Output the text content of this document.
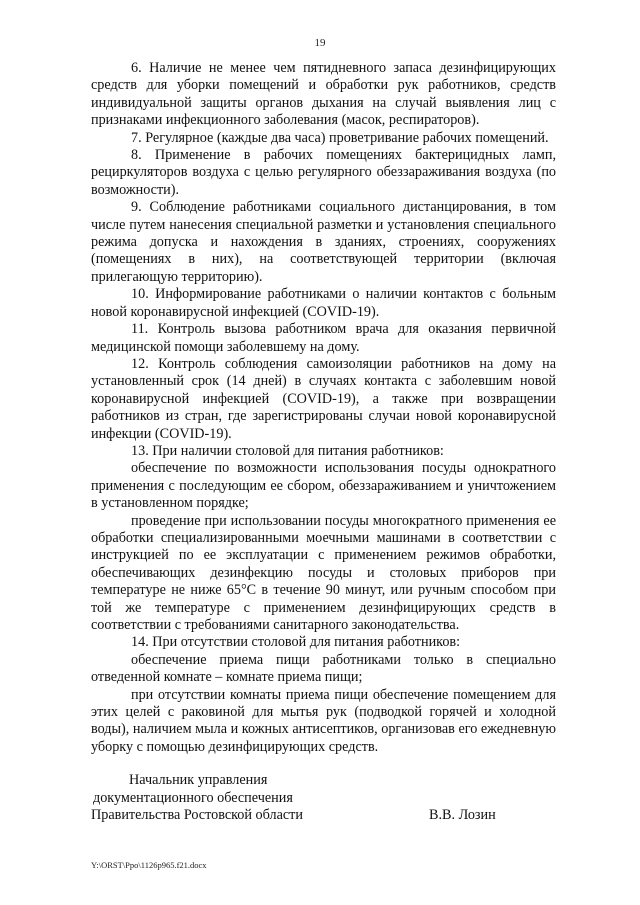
19

6. Наличие не менее чем пятидневного запаса дезинфицирующих средств для уборки помещений и обработки рук работников, средств индивидуальной защиты органов дыхания на случай выявления лиц с признаками инфекционного заболевания (масок, респираторов).

7. Регулярное (каждые два часа) проветривание рабочих помещений.

8. Применение в рабочих помещениях бактерицидных ламп, рециркуляторов воздуха с целью регулярного обеззараживания воздуха (по возможности).

9. Соблюдение работниками социального дистанцирования, в том числе путем нанесения специальной разметки и установления специального режима допуска и нахождения в зданиях, строениях, сооружениях (помещениях в них), на соответствующей территории (включая прилегающую территорию).

10. Информирование работниками о наличии контактов с больным новой коронавирусной инфекцией (COVID-19).

11. Контроль вызова работником врача для оказания первичной медицинской помощи заболевшему на дому.

12. Контроль соблюдения самоизоляции работников на дому на установленный срок (14 дней) в случаях контакта с заболевшим новой коронавирусной инфекцией (COVID-19), а также при возвращении работников из стран, где зарегистрированы случаи новой коронавирусной инфекции (COVID-19).

13. При наличии столовой для питания работников:

обеспечение по возможности использования посуды однократного применения с последующим ее сбором, обеззараживанием и уничтожением в установленном порядке;

проведение при использовании посуды многократного применения ее обработки специализированными моечными машинами в соответствии с инструкцией по ее эксплуатации с применением режимов обработки, обеспечивающих дезинфекцию посуды и столовых приборов при температуре не ниже 65°С в течение 90 минут, или ручным способом при той же температуре с применением дезинфицирующих средств в соответствии с требованиями санитарного законодательства.

14. При отсутствии столовой для питания работников:

обеспечение приема пищи работниками только в специально отведенной комнате – комнате приема пищи;

при отсутствии комнаты приема пищи обеспечение помещением для этих целей с раковиной для мытья рук (подводкой горячей и холодной воды), наличием мыла и кожных антисептиков, организовав его ежедневную уборку с помощью дезинфицирующих средств.

Начальник управления
документационного обеспечения
Правительства Ростовской области	В.В. Лозин
Y:\ORST\Ppo\1126p965.f21.docx
